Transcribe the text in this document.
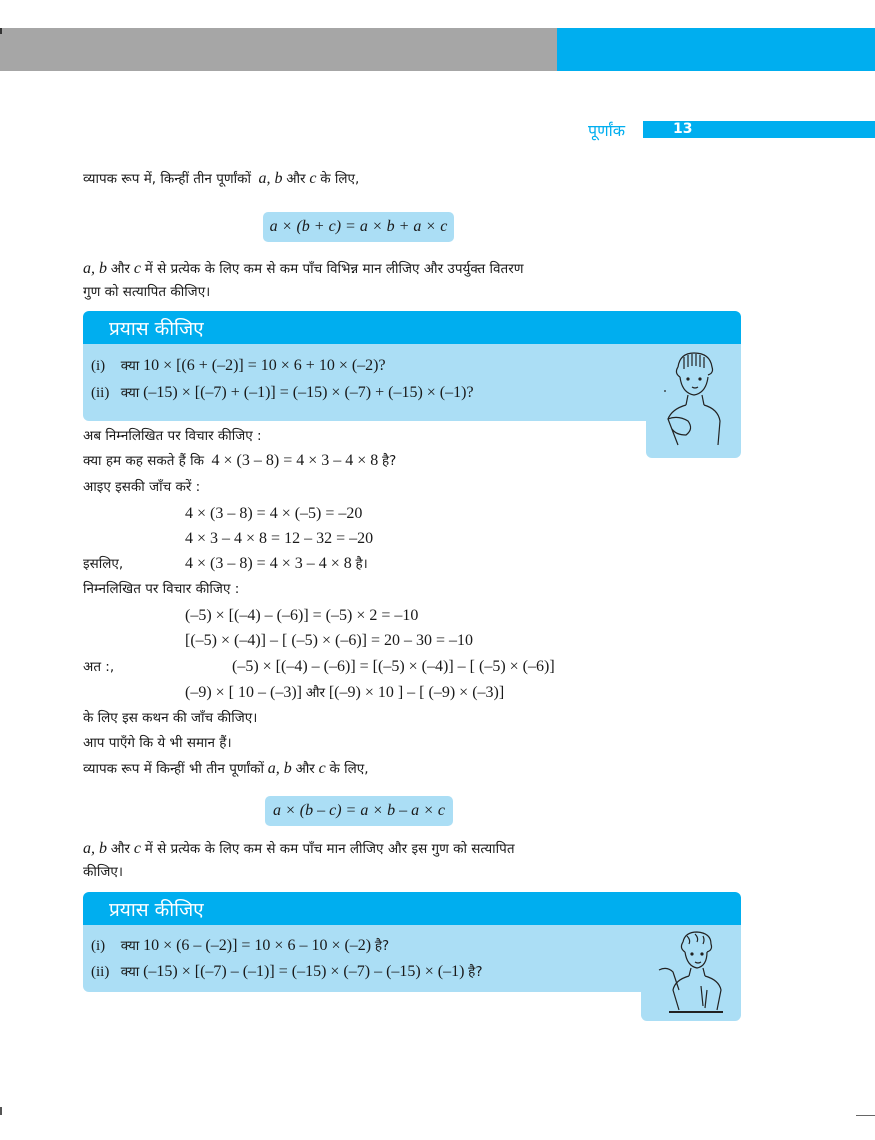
पूर्णांक	13
व्यापक रूप में, किन्हीं तीन पूर्णांकों a, b और c के लिए,
a × (b + c) = a × b + a × c
a, b और c में से प्रत्येक के लिए कम से कम पाँच विभिन्न मान लीजिए और उपर्युक्त वितरण
गुण को सत्यापित कीजिए।
प्रयास कीजिए
(i) क्या 10 × [(6 + (–2)] = 10 × 6 + 10 × (–2)?
(ii) क्या (–15) × [(–7) + (–1)] = (–15) × (–7) + (–15) × (–1)?
अब निम्नलिखित पर विचार कीजिए :
क्या हम कह सकते हैं कि 4 × (3 – 8) = 4 × 3 – 4 × 8 है?
आइए इसकी जाँच करें :
4 × (3 – 8) = 4 × (–5) = –20
4 × 3 – 4 × 8 = 12 – 32 = –20
इसलिए,	4 × (3 – 8) = 4 × 3 – 4 × 8 है।
निम्नलिखित पर विचार कीजिए :
(–5) × [(–4) – (–6)] = (–5) × 2 = –10
[(–5) × (–4)] – [ (–5) × (–6)] = 20 – 30 = –10
अत :,	(–5) × [(–4) – (–6)] = [(–5) × (–4)] – [ (–5) × (–6)]
(–9) × [ 10 – (–3)] और [(–9) × 10 ] – [ (–9) × (–3)]
के लिए इस कथन की जाँच कीजिए।
आप पाएँगे कि ये भी समान हैं।
व्यापक रूप में किन्हीं भी तीन पूर्णांकों a, b और c के लिए,
a × (b – c) = a × b – a × c
a, b और c में से प्रत्येक के लिए कम से कम पाँच मान लीजिए और इस गुण को सत्यापित
कीजिए।
प्रयास कीजिए
(i) क्या 10 × (6 – (–2)] = 10 × 6 – 10 × (–2) है?
(ii) क्या (–15) × [(–7) – (–1)] = (–15) × (–7) – (–15) × (–1) है?
